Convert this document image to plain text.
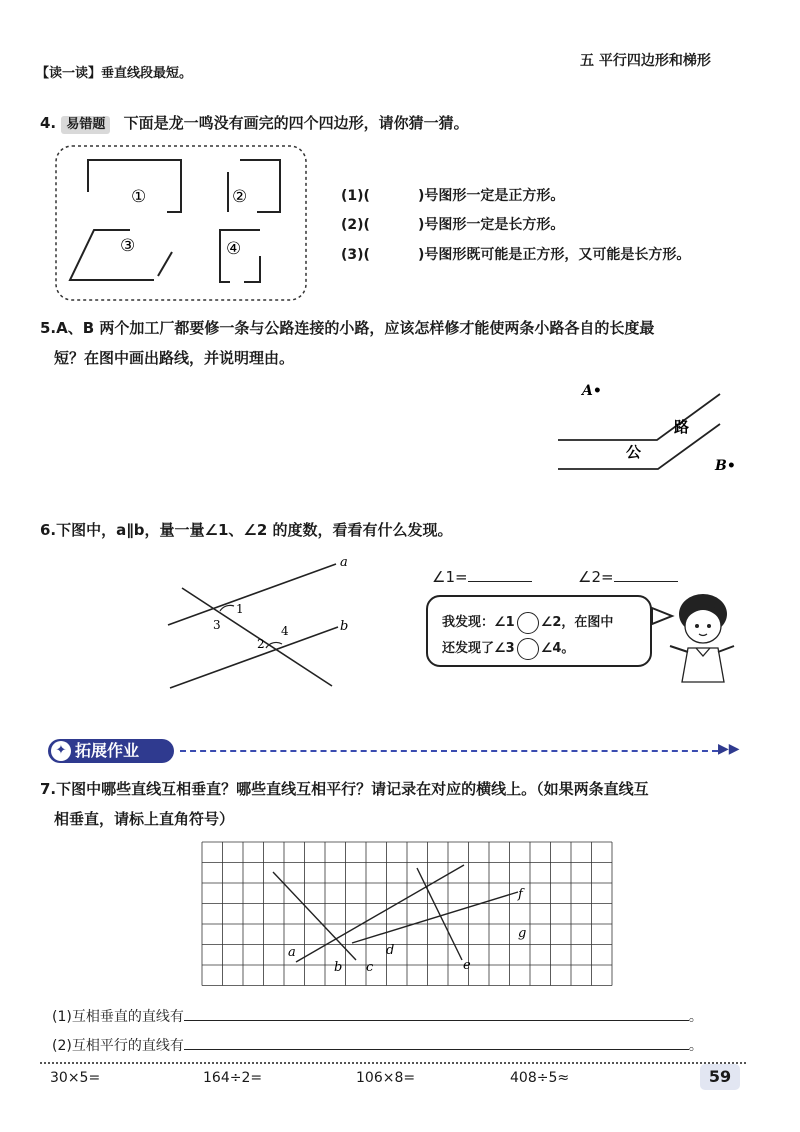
【读一读】垂直线段最短。
五 平行四边形和梯形
4. 易错题 下面是龙一鸣没有画完的四个四边形，请你猜一猜。
①	②
③	④
(1)(	)号图形一定是正方形。
(2)(	)号图形一定是长方形。
(3)(	)号图形既可能是正方形，又可能是长方形。
5.A、B 两个加工厂都要修一条与公路连接的小路，应该怎样修才能使两条小路各自的长度最
短？在图中画出路线，并说明理由。
A•
B•
路
公
6.下图中，a∥b，量一量∠1、∠2 的度数，看看有什么发现。
a
b
1
2
3	4
∠1=	∠2=
我发现：∠1 ∠2，在图中
还发现了∠3 ∠4。
✦ 拓展作业	▶▶
7.下图中哪些直线互相垂直？哪些直线互相平行？请记录在对应的横线上。（如果两条直线互
相垂直，请标上直角符号）
a
b c
d
e
f
g
(1)互相垂直的直线有	。
(2)互相平行的直线有	。
30×5=	164÷2=	106×8=	408÷5≈	59
